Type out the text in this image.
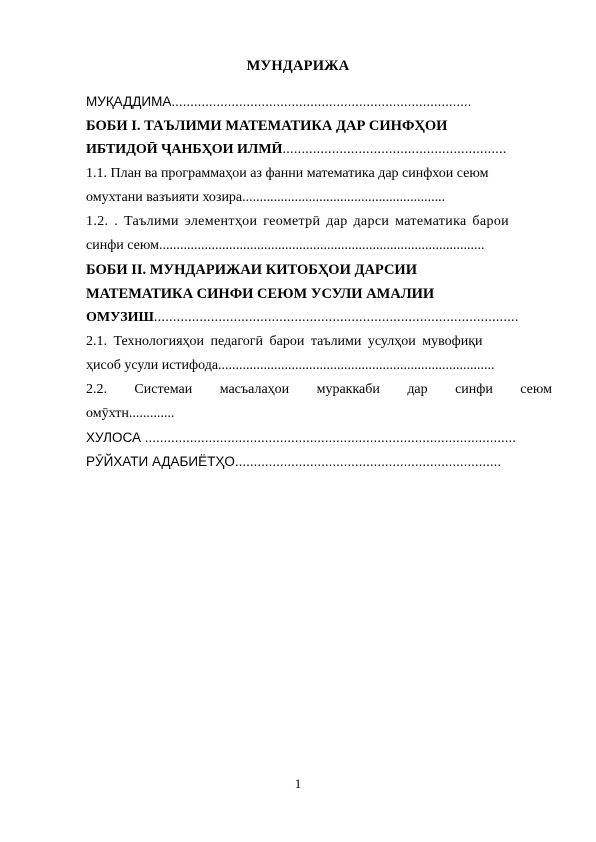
МУНДАРИЖА
МУҚАДДИМА................................................................................
БОБИ I. ТАЪЛИМИ МАТЕМАТИКА ДАР СИНФҲОИ
ИБТИДОӢ ҶАНБҲОИ ИЛМӢ...........................................................
1.1. План ва программаҳои аз фанни математика дар синфхои сеюм
омухтани вазъияти хозира..........................................................
1.2. . Таълими элементҳои геометрӣ дар дарси математика барои
синфи сеюм.............................................................................................
БОБИ II. МУНДАРИЖАИ КИТОБҲОИ ДАРСИИ
МАТЕМАТИКА СИНФИ СЕЮМ УСУЛИ АМАЛИИ
ОМУЗИШ................................................................................................
2.1. Технологияҳои педагогӣ барои таълими усулҳои мувофиқи
ҳисоб усули истифода...............................................................................
2.2. Системаи масъалаҳои мураккаби дар синфи сеюм
омӯхтн.............
ХУЛОСА ...................................................................................................
РӮЙХАТИ АДАБИЁТҲО.......................................................................
1
